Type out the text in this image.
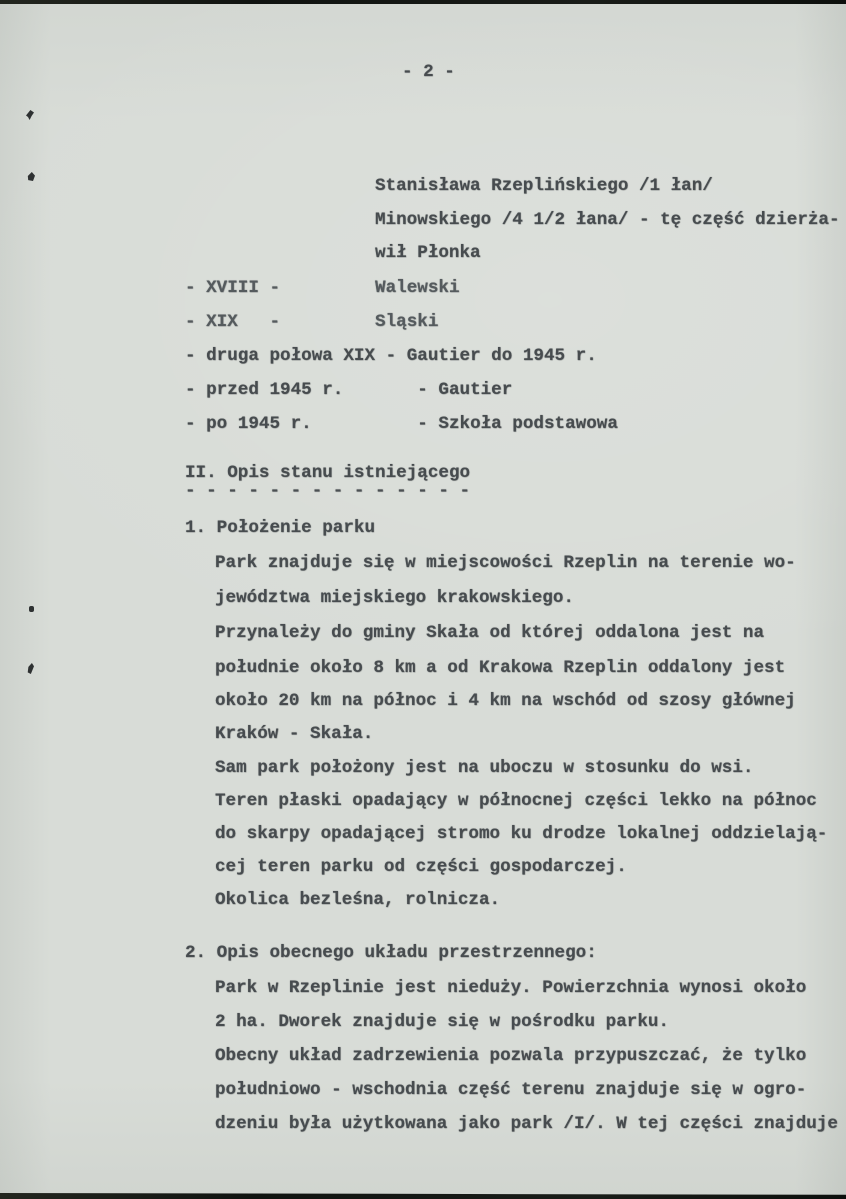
- 2 -
Stanisława Rzeplińskiego /1 łan/
Minowskiego /4 1/2 łana/ - tę część dzierża-
wił Płonka
- XVIII -         Walewski
- XIX   -         Sląski
- druga połowa XIX - Gautier do 1945 r.
- przed 1945 r.       - Gautier
- po 1945 r.          - Szkoła podstawowa
II. Opis stanu istniejącego
- - - - - - - - - - - - - -
1. Położenie parku
Park znajduje się w miejscowości Rzeplin na terenie wo-
jewództwa miejskiego krakowskiego.
Przynależy do gminy Skała od której oddalona jest na
południe około 8 km a od Krakowa Rzeplin oddalony jest
około 20 km na północ i 4 km na wschód od szosy głównej
Kraków - Skała.
Sam park położony jest na uboczu w stosunku do wsi.
Teren płaski opadający w północnej części lekko na północ
do skarpy opadającej stromo ku drodze lokalnej oddzielają-
cej teren parku od części gospodarczej.
Okolica bezleśna, rolnicza.
2. Opis obecnego układu przestrzennego:
Park w Rzeplinie jest nieduży. Powierzchnia wynosi około
2 ha. Dworek znajduje się w pośrodku parku.
Obecny układ zadrzewienia pozwala przypuszczać, że tylko
południowo - wschodnia część terenu znajduje się w ogro-
dzeniu była użytkowana jako park /I/. W tej części znajduje
